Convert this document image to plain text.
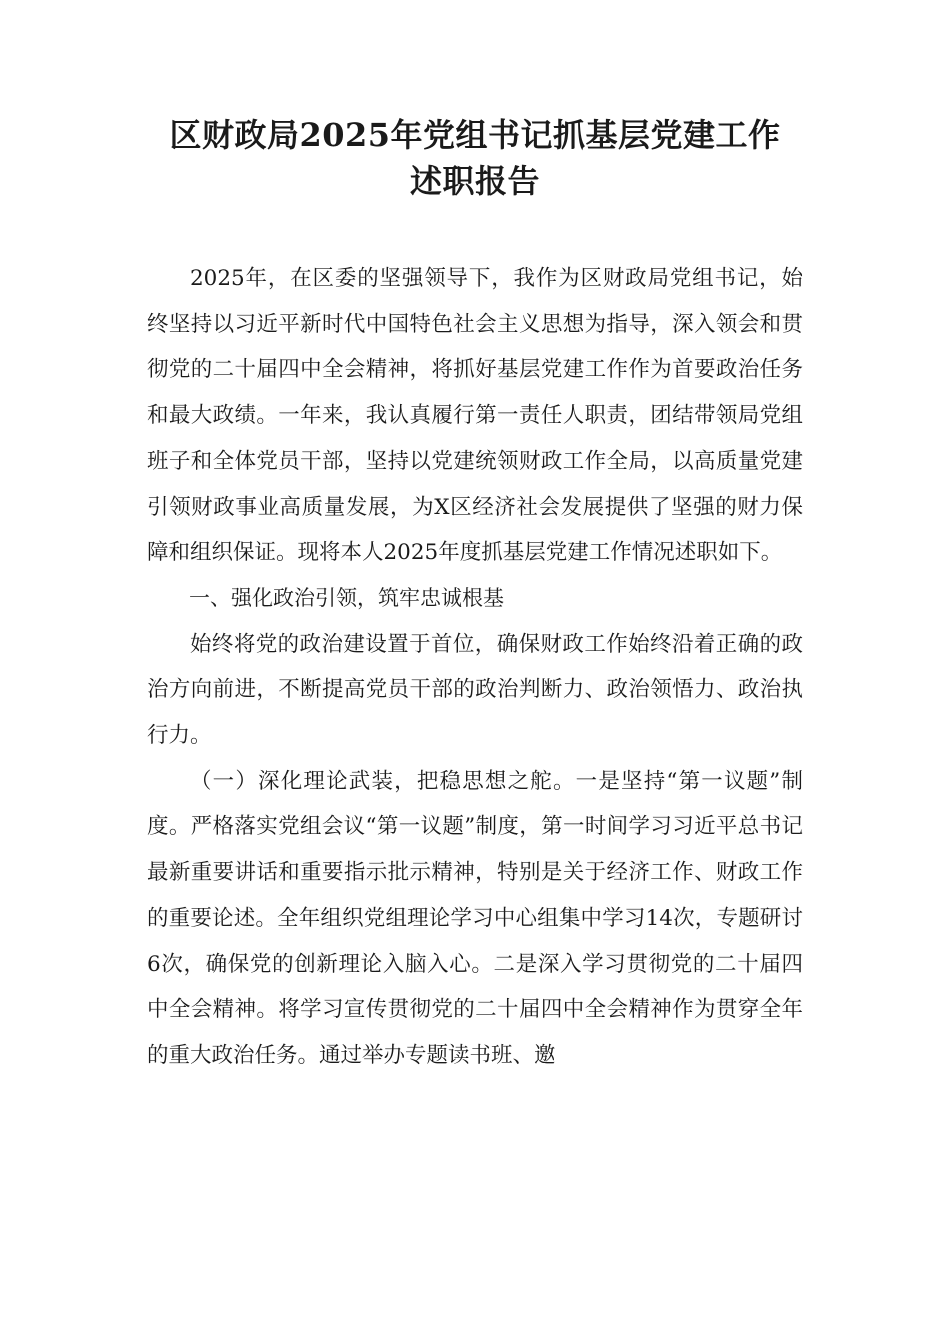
区财政局2025年党组书记抓基层党建工作
述职报告

2025年，在区委的坚强领导下，我作为区财政局党组书记，始终坚持以习近平新时代中国特色社会主义思想为指导，深入领会和贯彻党的二十届四中全会精神，将抓好基层党建工作作为首要政治任务和最大政绩。一年来，我认真履行第一责任人职责，团结带领局党组班子和全体党员干部，坚持以党建统领财政工作全局，以高质量党建引领财政事业高质量发展，为X区经济社会发展提供了坚强的财力保障和组织保证。现将本人2025年度抓基层党建工作情况述职如下。

一、强化政治引领，筑牢忠诚根基

始终将党的政治建设置于首位，确保财政工作始终沿着正确的政治方向前进，不断提高党员干部的政治判断力、政治领悟力、政治执行力。

（一）深化理论武装，把稳思想之舵。一是坚持“第一议题”制度。严格落实党组会议“第一议题”制度，第一时间学习习近平总书记最新重要讲话和重要指示批示精神，特别是关于经济工作、财政工作的重要论述。全年组织党组理论学习中心组集中学习14次，专题研讨6次，确保党的创新理论入脑入心。二是深入学习贯彻党的二十届四中全会精神。将学习宣传贯彻党的二十届四中全会精神作为贯穿全年的重大政治任务。通过举办专题读书班、邀
